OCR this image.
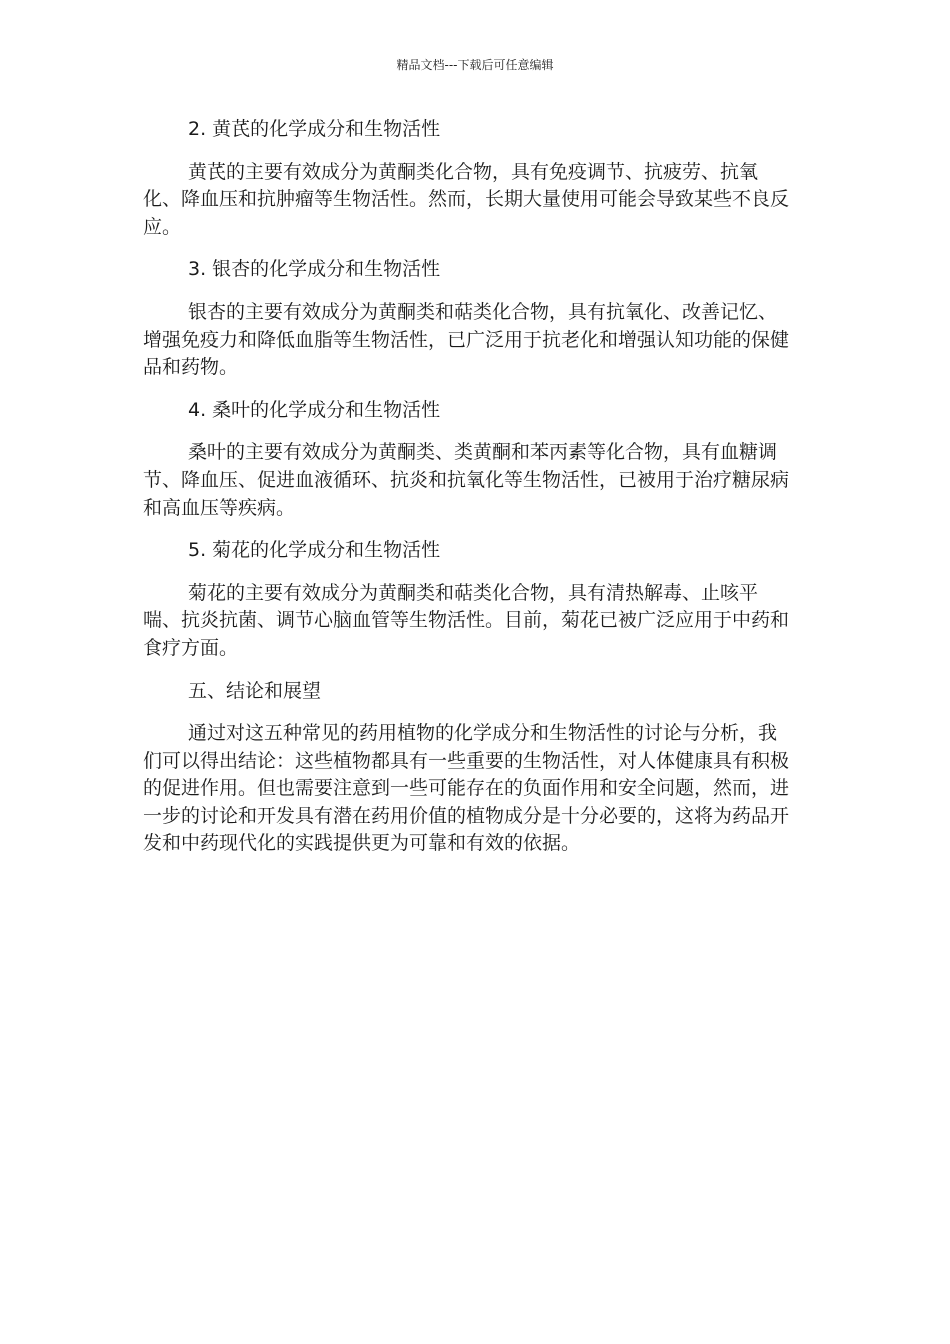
精品文档---下载后可任意编辑

2. 黄芪的化学成分和生物活性

黄芪的主要有效成分为黄酮类化合物，具有免疫调节、抗疲劳、抗氧化、降血压和抗肿瘤等生物活性。然而，长期大量使用可能会导致某些不良反应。

3. 银杏的化学成分和生物活性

银杏的主要有效成分为黄酮类和萜类化合物，具有抗氧化、改善记忆、增强免疫力和降低血脂等生物活性，已广泛用于抗老化和增强认知功能的保健品和药物。

4. 桑叶的化学成分和生物活性

桑叶的主要有效成分为黄酮类、类黄酮和苯丙素等化合物，具有血糖调节、降血压、促进血液循环、抗炎和抗氧化等生物活性，已被用于治疗糖尿病和高血压等疾病。

5. 菊花的化学成分和生物活性

菊花的主要有效成分为黄酮类和萜类化合物，具有清热解毒、止咳平喘、抗炎抗菌、调节心脑血管等生物活性。目前，菊花已被广泛应用于中药和食疗方面。

五、结论和展望

通过对这五种常见的药用植物的化学成分和生物活性的讨论与分析，我们可以得出结论：这些植物都具有一些重要的生物活性，对人体健康具有积极的促进作用。但也需要注意到一些可能存在的负面作用和安全问题，然而，进一步的讨论和开发具有潜在药用价值的植物成分是十分必要的，这将为药品开发和中药现代化的实践提供更为可靠和有效的依据。
